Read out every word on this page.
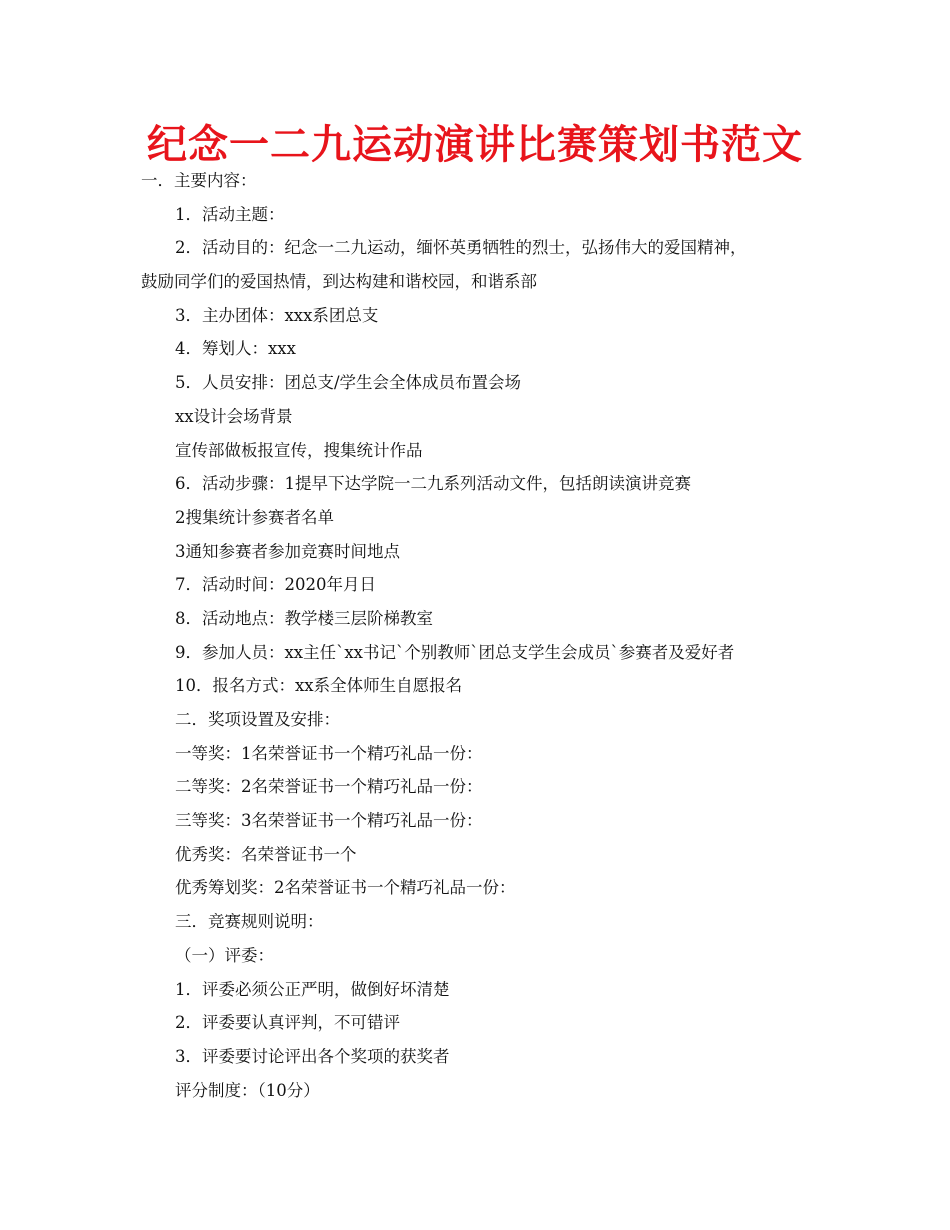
纪念一二九运动演讲比赛策划书范文

一．主要内容：

1．活动主题：

2．活动目的：纪念一二九运动，缅怀英勇牺牲的烈士，弘扬伟大的爱国精神，

鼓励同学们的爱国热情，到达构建和谐校园，和谐系部

3．主办团体：xxx系团总支

4．筹划人：xxx

5．人员安排：团总支/学生会全体成员布置会场

xx设计会场背景

宣传部做板报宣传，搜集统计作品

6．活动步骤：1提早下达学院一二九系列活动文件，包括朗读演讲竞赛

2搜集统计参赛者名单

3通知参赛者参加竞赛时间地点

7．活动时间：2020年月日

8．活动地点：教学楼三层阶梯教室

9．参加人员：xx主任`xx书记`个别教师`团总支学生会成员`参赛者及爱好者

10．报名方式：xx系全体师生自愿报名

二．奖项设置及安排：

一等奖：1名荣誉证书一个精巧礼品一份：

二等奖：2名荣誉证书一个精巧礼品一份：

三等奖：3名荣誉证书一个精巧礼品一份：

优秀奖：名荣誉证书一个

优秀筹划奖：2名荣誉证书一个精巧礼品一份：

三．竞赛规则说明：

（一）评委：

1．评委必须公正严明，做倒好坏清楚

2．评委要认真评判，不可错评

3．评委要讨论评出各个奖项的获奖者

评分制度：（10分）
